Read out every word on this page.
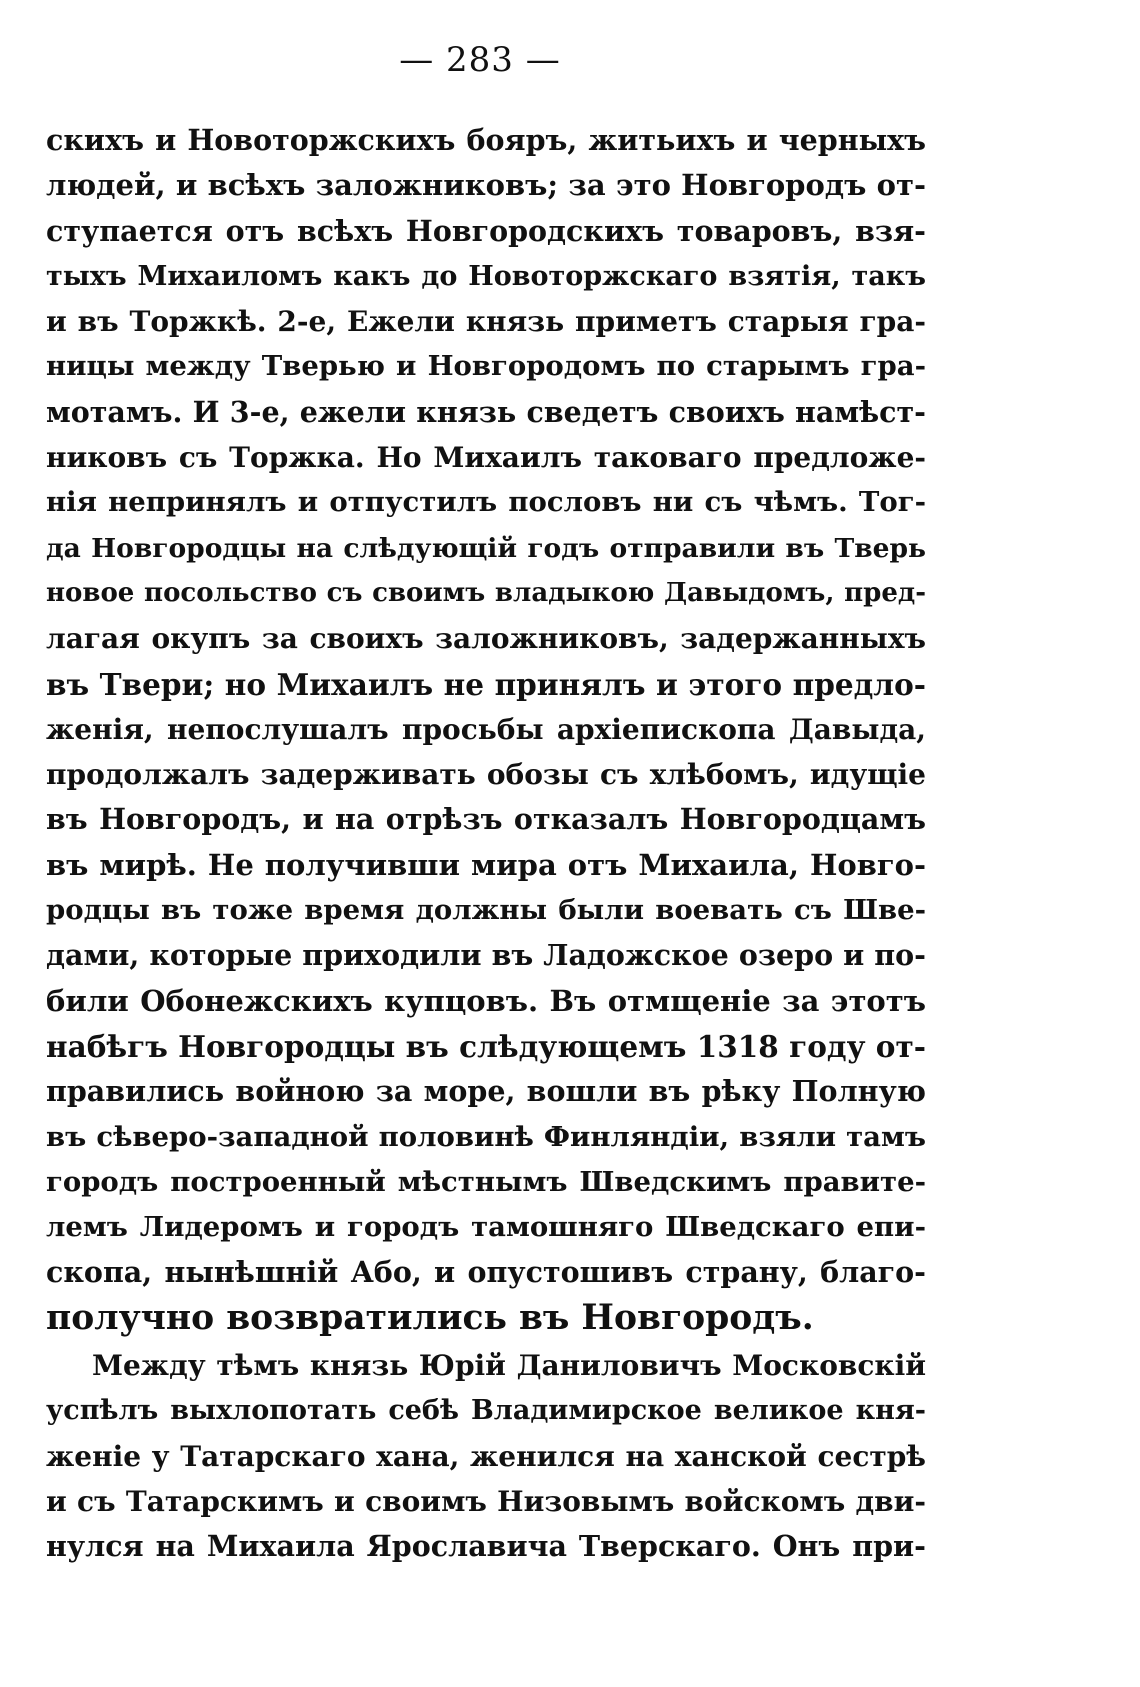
— 283 —
скихъ и Новоторжскихъ бояръ, житьихъ и черныхъ
людей, и всѣхъ заложниковъ; за это Новгородъ от-
ступается отъ всѣхъ Новгородскихъ товаровъ, взя-
тыхъ Михаиломъ какъ до Новоторжскаго взятія, такъ
и въ Торжкѣ. 2-е, Ежели князь приметъ старыя гра-
ницы между Тверью и Новгородомъ по старымъ гра-
мотамъ. И 3-е, ежели князь сведетъ своихъ намѣст-
никовъ съ Торжка. Но Михаилъ таковаго предложе-
нія непринялъ и отпустилъ пословъ ни съ чѣмъ. Тог-
да Новгородцы на слѣдующій годъ отправили въ Тверь
новое посольство съ своимъ владыкою Давыдомъ, пред-
лагая окупъ за своихъ заложниковъ, задержанныхъ
въ Твери; но Михаилъ не принялъ и этого предло-
женія, непослушалъ просьбы архіепископа Давыда,
продолжалъ задерживать обозы съ хлѣбомъ, идущіе
въ Новгородъ, и на отрѣзъ отказалъ Новгородцамъ
въ мирѣ. Не получивши мира отъ Михаила, Новго-
родцы въ тоже время должны были воевать съ Шве-
дами, которые приходили въ Ладожское озеро и по-
били Обонежскихъ купцовъ. Въ отмщеніе за этотъ
набѣгъ Новгородцы въ слѣдующемъ 1318 году от-
правились войною за море, вошли въ рѣку Полную
въ сѣверо-западной половинѣ Финляндіи, взяли тамъ
городъ построенный мѣстнымъ Шведскимъ правите-
лемъ Лидеромъ и городъ тамошняго Шведскаго епи-
скопа, нынѣшній Або, и опустошивъ страну, благо-
получно возвратились въ Новгородъ.
Между тѣмъ князь Юрій Даниловичъ Московскій
успѣлъ выхлопотать себѣ Владимирское великое кня-
женіе у Татарскаго хана, женился на ханской сестрѣ
и съ Татарскимъ и своимъ Низовымъ войскомъ дви-
нулся на Михаила Ярославича Тверскаго. Онъ при-
